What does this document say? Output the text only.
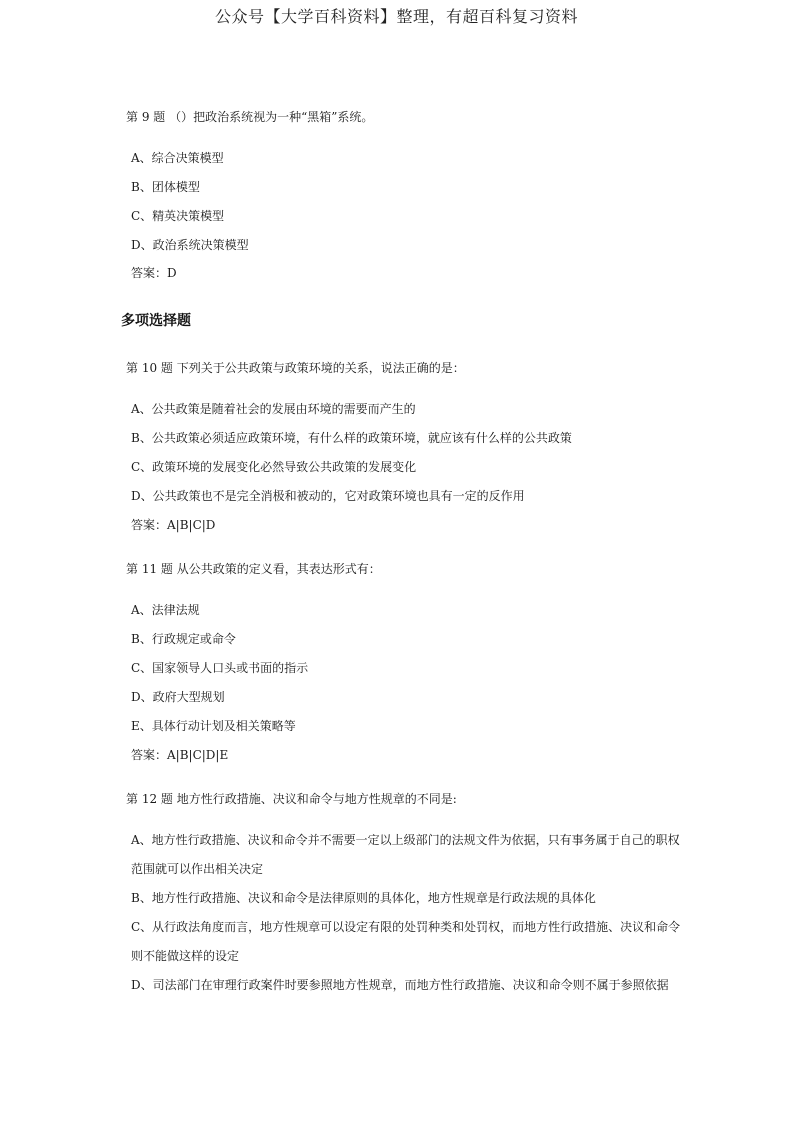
公众号【大学百科资料】整理，有超百科复习资料
第 9 题 （）把政治系统视为一种“黑箱”系统。
A、综合决策模型
B、团体模型
C、精英决策模型
D、政治系统决策模型
答案：D
多项选择题
第 10 题 下列关于公共政策与政策环境的关系，说法正确的是：
A、公共政策是随着社会的发展由环境的需要而产生的
B、公共政策必须适应政策环境，有什么样的政策环境，就应该有什么样的公共政策
C、政策环境的发展变化必然导致公共政策的发展变化
D、公共政策也不是完全消极和被动的，它对政策环境也具有一定的反作用
答案：A|B|C|D
第 11 题 从公共政策的定义看，其表达形式有：
A、法律法规
B、行政规定或命令
C、国家领导人口头或书面的指示
D、政府大型规划
E、具体行动计划及相关策略等
答案：A|B|C|D|E
第 12 题 地方性行政措施、决议和命令与地方性规章的不同是:
A、地方性行政措施、决议和命令并不需要一定以上级部门的法规文件为依据，只有事务属于自己的职权
范围就可以作出相关决定
B、地方性行政措施、决议和命令是法律原则的具体化，地方性规章是行政法规的具体化
C、从行政法角度而言，地方性规章可以设定有限的处罚种类和处罚权，而地方性行政措施、决议和命令
则不能做这样的设定
D、司法部门在审理行政案件时要参照地方性规章，而地方性行政措施、决议和命令则不属于参照依据
